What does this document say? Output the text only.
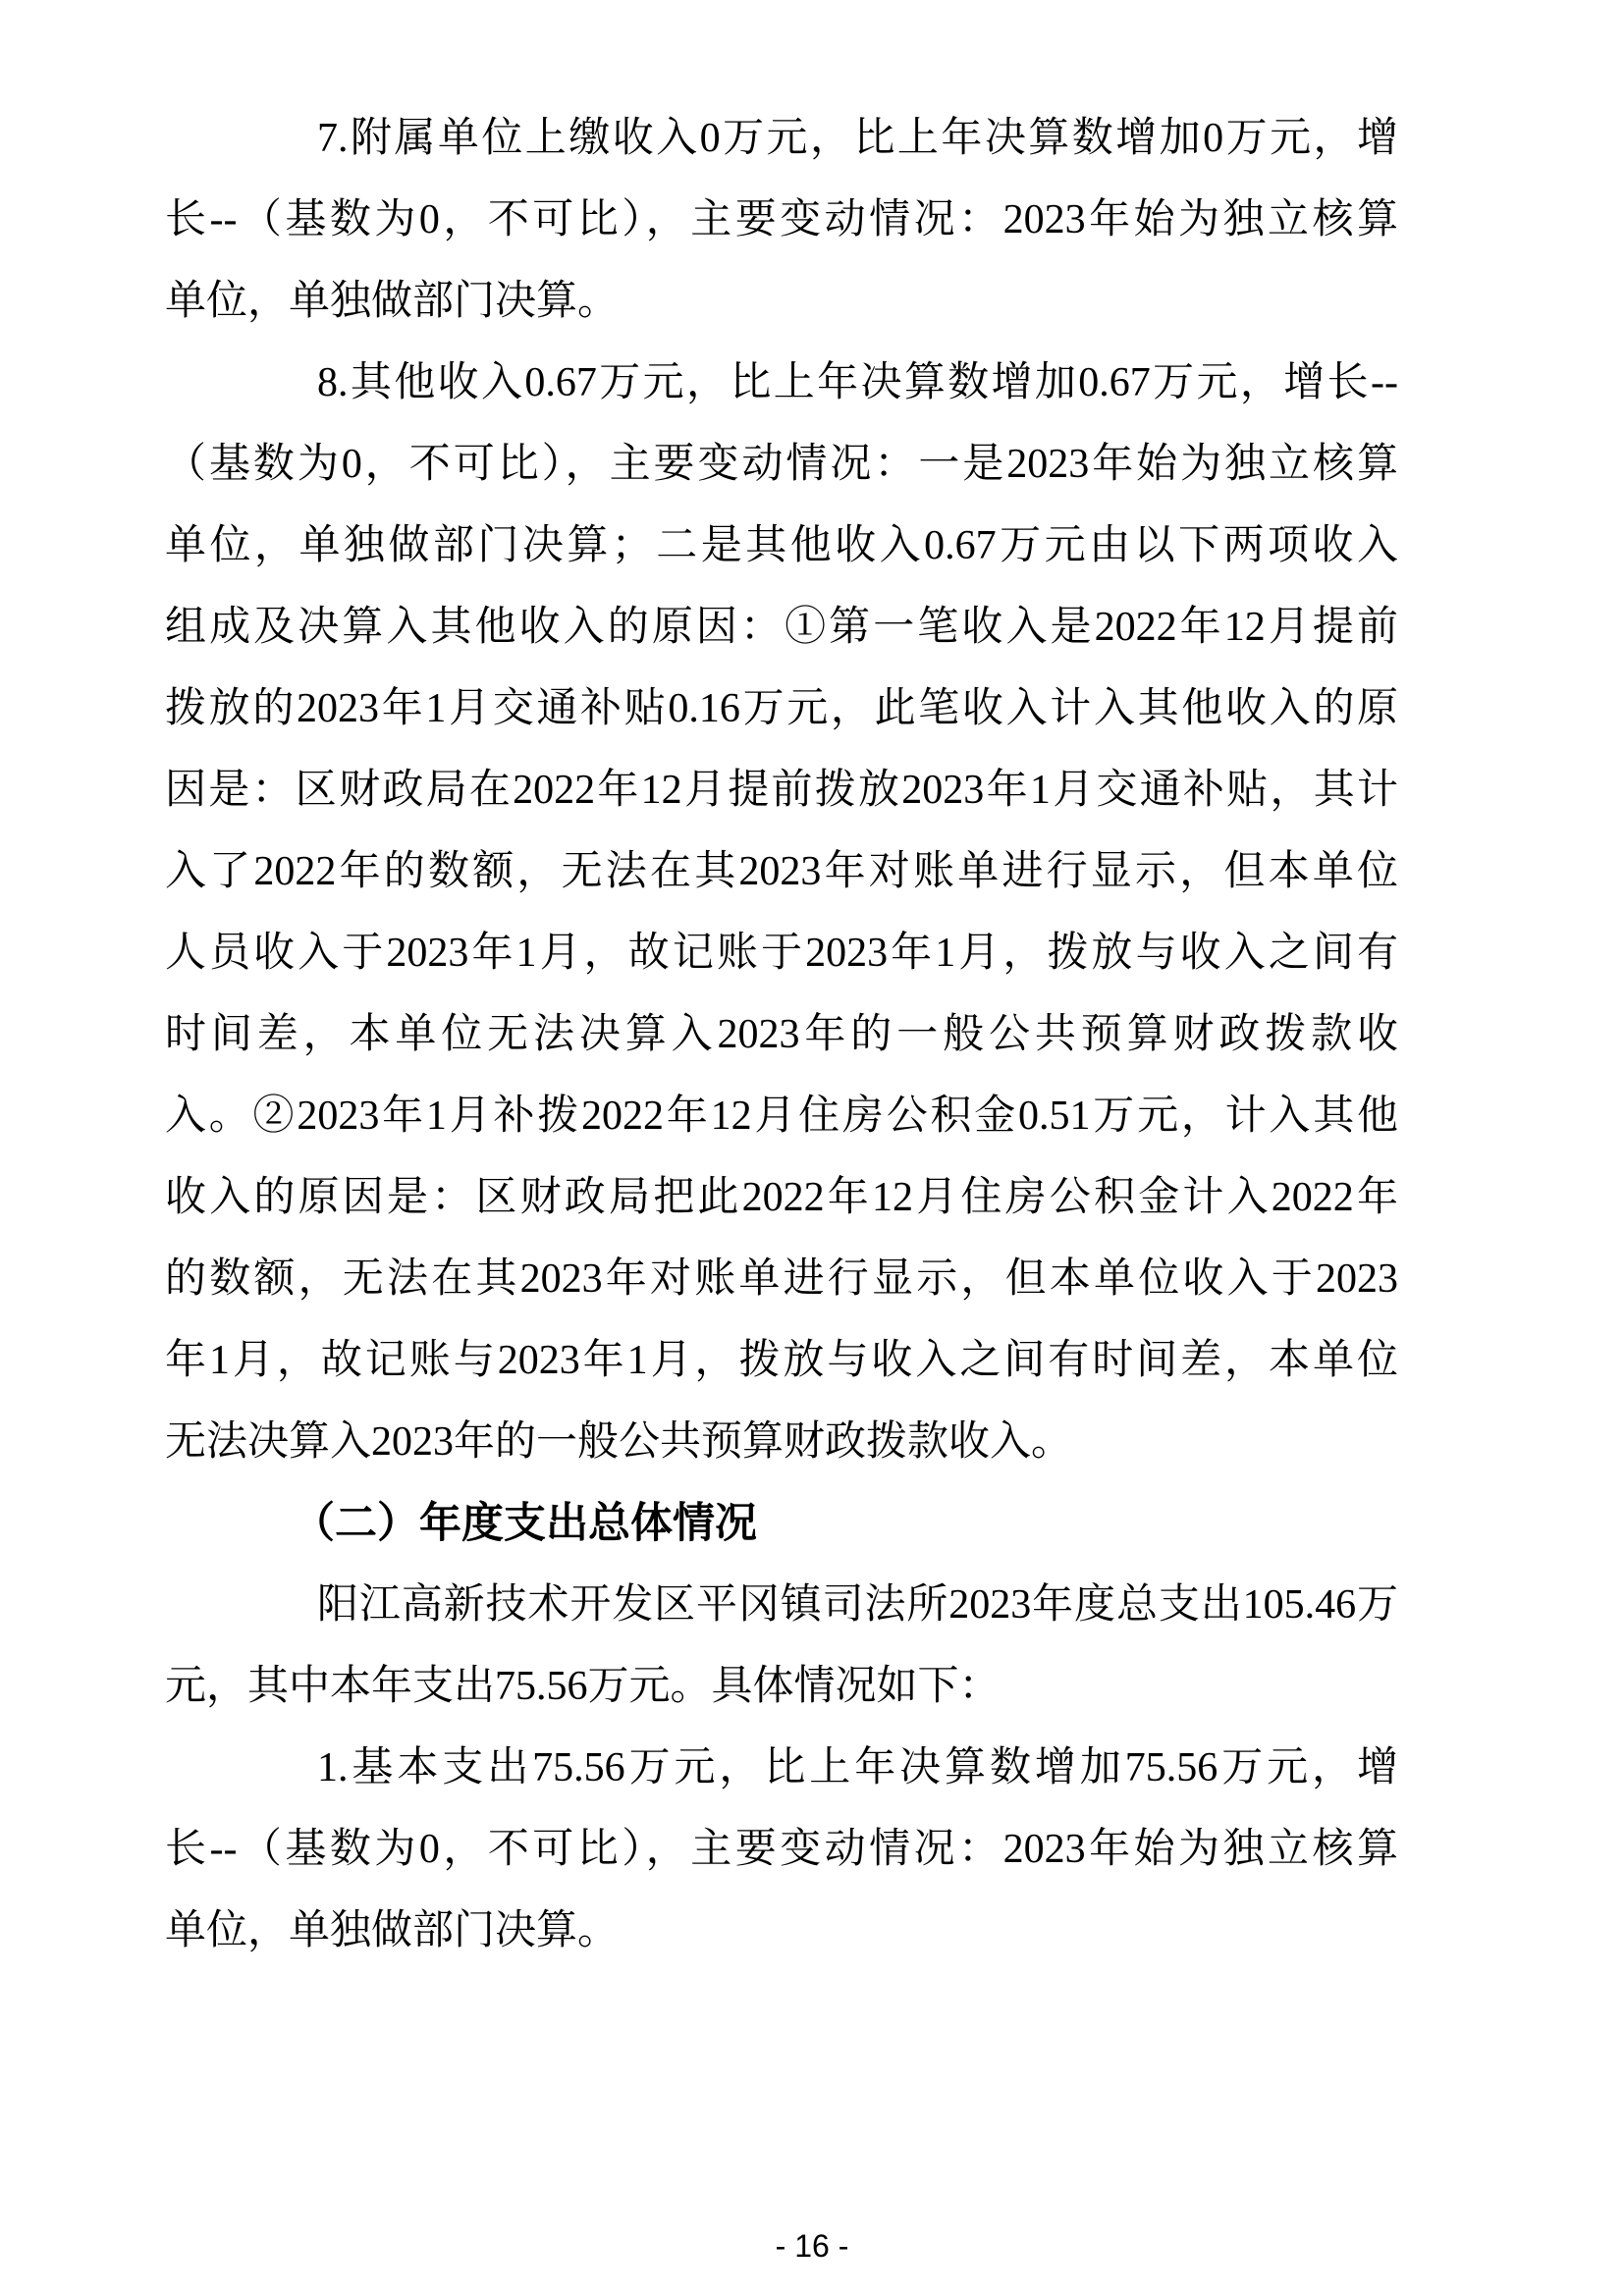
7.附属单位上缴收入0万元，比上年决算数增加0万元，增
长--（基数为0，不可比），主要变动情况：2023年始为独立核算
单位，单独做部门决算。
8.其他收入0.67万元，比上年决算数增加0.67万元，增长--
（基数为0，不可比），主要变动情况：一是2023年始为独立核算
单位，单独做部门决算；二是其他收入0.67万元由以下两项收入
组成及决算入其他收入的原因：①第一笔收入是2022年12月提前
拨放的2023年1月交通补贴0.16万元，此笔收入计入其他收入的原
因是：区财政局在2022年12月提前拨放2023年1月交通补贴，其计
入了2022年的数额，无法在其2023年对账单进行显示，但本单位
人员收入于2023年1月，故记账于2023年1月，拨放与收入之间有
时间差，本单位无法决算入2023年的一般公共预算财政拨款收
入。②2023年1月补拨2022年12月住房公积金0.51万元，计入其他
收入的原因是：区财政局把此2022年12月住房公积金计入2022年
的数额，无法在其2023年对账单进行显示，但本单位收入于2023
年1月，故记账与2023年1月，拨放与收入之间有时间差，本单位
无法决算入2023年的一般公共预算财政拨款收入。
（二）年度支出总体情况
阳江高新技术开发区平冈镇司法所2023年度总支出105.46万
元，其中本年支出75.56万元。具体情况如下：
1.基本支出75.56万元，比上年决算数增加75.56万元，增
长--（基数为0，不可比），主要变动情况：2023年始为独立核算
单位，单独做部门决算。
- 16 -
